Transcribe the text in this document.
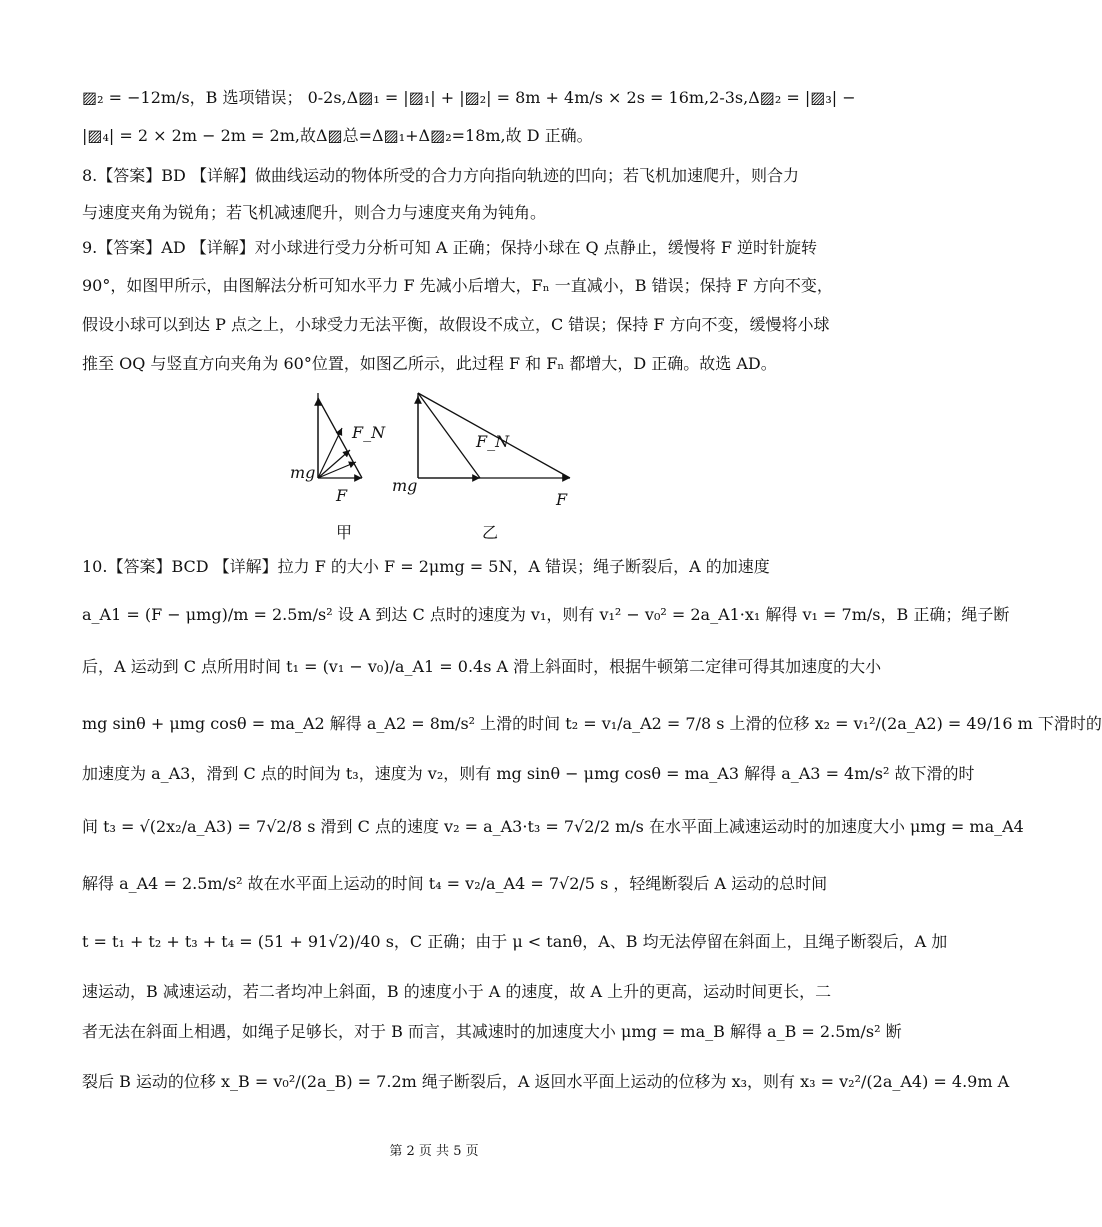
▨₂ = −12m/s，B 选项错误； 0-2s,Δ▨₁ = |▨₁| + |▨₂| = 8m + 4m/s × 2s = 16m,2-3s,Δ▨₂ = |▨₃| −
|▨₄| = 2 × 2m − 2m = 2m,故Δ▨总=Δ▨₁+Δ▨₂=18m,故 D 正确。
8.【答案】BD 【详解】做曲线运动的物体所受的合力方向指向轨迹的凹向；若飞机加速爬升，则合力
与速度夹角为锐角；若飞机减速爬升，则合力与速度夹角为钝角。
9.【答案】AD 【详解】对小球进行受力分析可知 A 正确；保持小球在 Q 点静止，缓慢将 F 逆时针旋转
90°，如图甲所示，由图解法分析可知水平力 F 先减小后增大，Fₙ 一直减小，B 错误；保持 F 方向不变，
假设小球可以到达 P 点之上，小球受力无法平衡，故假设不成立，C 错误；保持 F 方向不变，缓慢将小球
推至 OQ 与竖直方向夹角为 60°位置，如图乙所示，此过程 F 和 Fₙ 都增大，D 正确。故选 AD。
F_N
mg
F
F_N
mg
F
甲	乙
10.【答案】BCD 【详解】拉力 F 的大小 F = 2μmg = 5N，A 错误；绳子断裂后，A 的加速度
a_A1 = (F − μmg)/m = 2.5m/s² 设 A 到达 C 点时的速度为 v₁，则有 v₁² − v₀² = 2a_A1·x₁ 解得 v₁ = 7m/s，B 正确；绳子断
后，A 运动到 C 点所用时间 t₁ = (v₁ − v₀)/a_A1 = 0.4s A 滑上斜面时，根据牛顿第二定律可得其加速度的大小
mg sinθ + μmg cosθ = ma_A2 解得 a_A2 = 8m/s² 上滑的时间 t₂ = v₁/a_A2 = 7/8 s 上滑的位移 x₂ = v₁²/(2a_A2) = 49/16 m 下滑时的
加速度为 a_A3，滑到 C 点的时间为 t₃，速度为 v₂，则有 mg sinθ − μmg cosθ = ma_A3 解得 a_A3 = 4m/s² 故下滑的时
间 t₃ = √(2x₂/a_A3) = 7√2/8 s 滑到 C 点的速度 v₂ = a_A3·t₃ = 7√2/2 m/s 在水平面上减速运动时的加速度大小 μmg = ma_A4
解得 a_A4 = 2.5m/s² 故在水平面上运动的时间 t₄ = v₂/a_A4 = 7√2/5 s ，轻绳断裂后 A 运动的总时间
t = t₁ + t₂ + t₃ + t₄ = (51 + 91√2)/40 s，C 正确；由于 μ < tanθ，A、B 均无法停留在斜面上，且绳子断裂后，A 加
速运动，B 减速运动，若二者均冲上斜面，B 的速度小于 A 的速度，故 A 上升的更高，运动时间更长，二
者无法在斜面上相遇，如绳子足够长，对于 B 而言，其减速时的加速度大小 μmg = ma_B 解得 a_B = 2.5m/s² 断
裂后 B 运动的位移 x_B = v₀²/(2a_B) = 7.2m 绳子断裂后，A 返回水平面上运动的位移为 x₃，则有 x₃ = v₂²/(2a_A4) = 4.9m A
第 2 页 共 5 页
